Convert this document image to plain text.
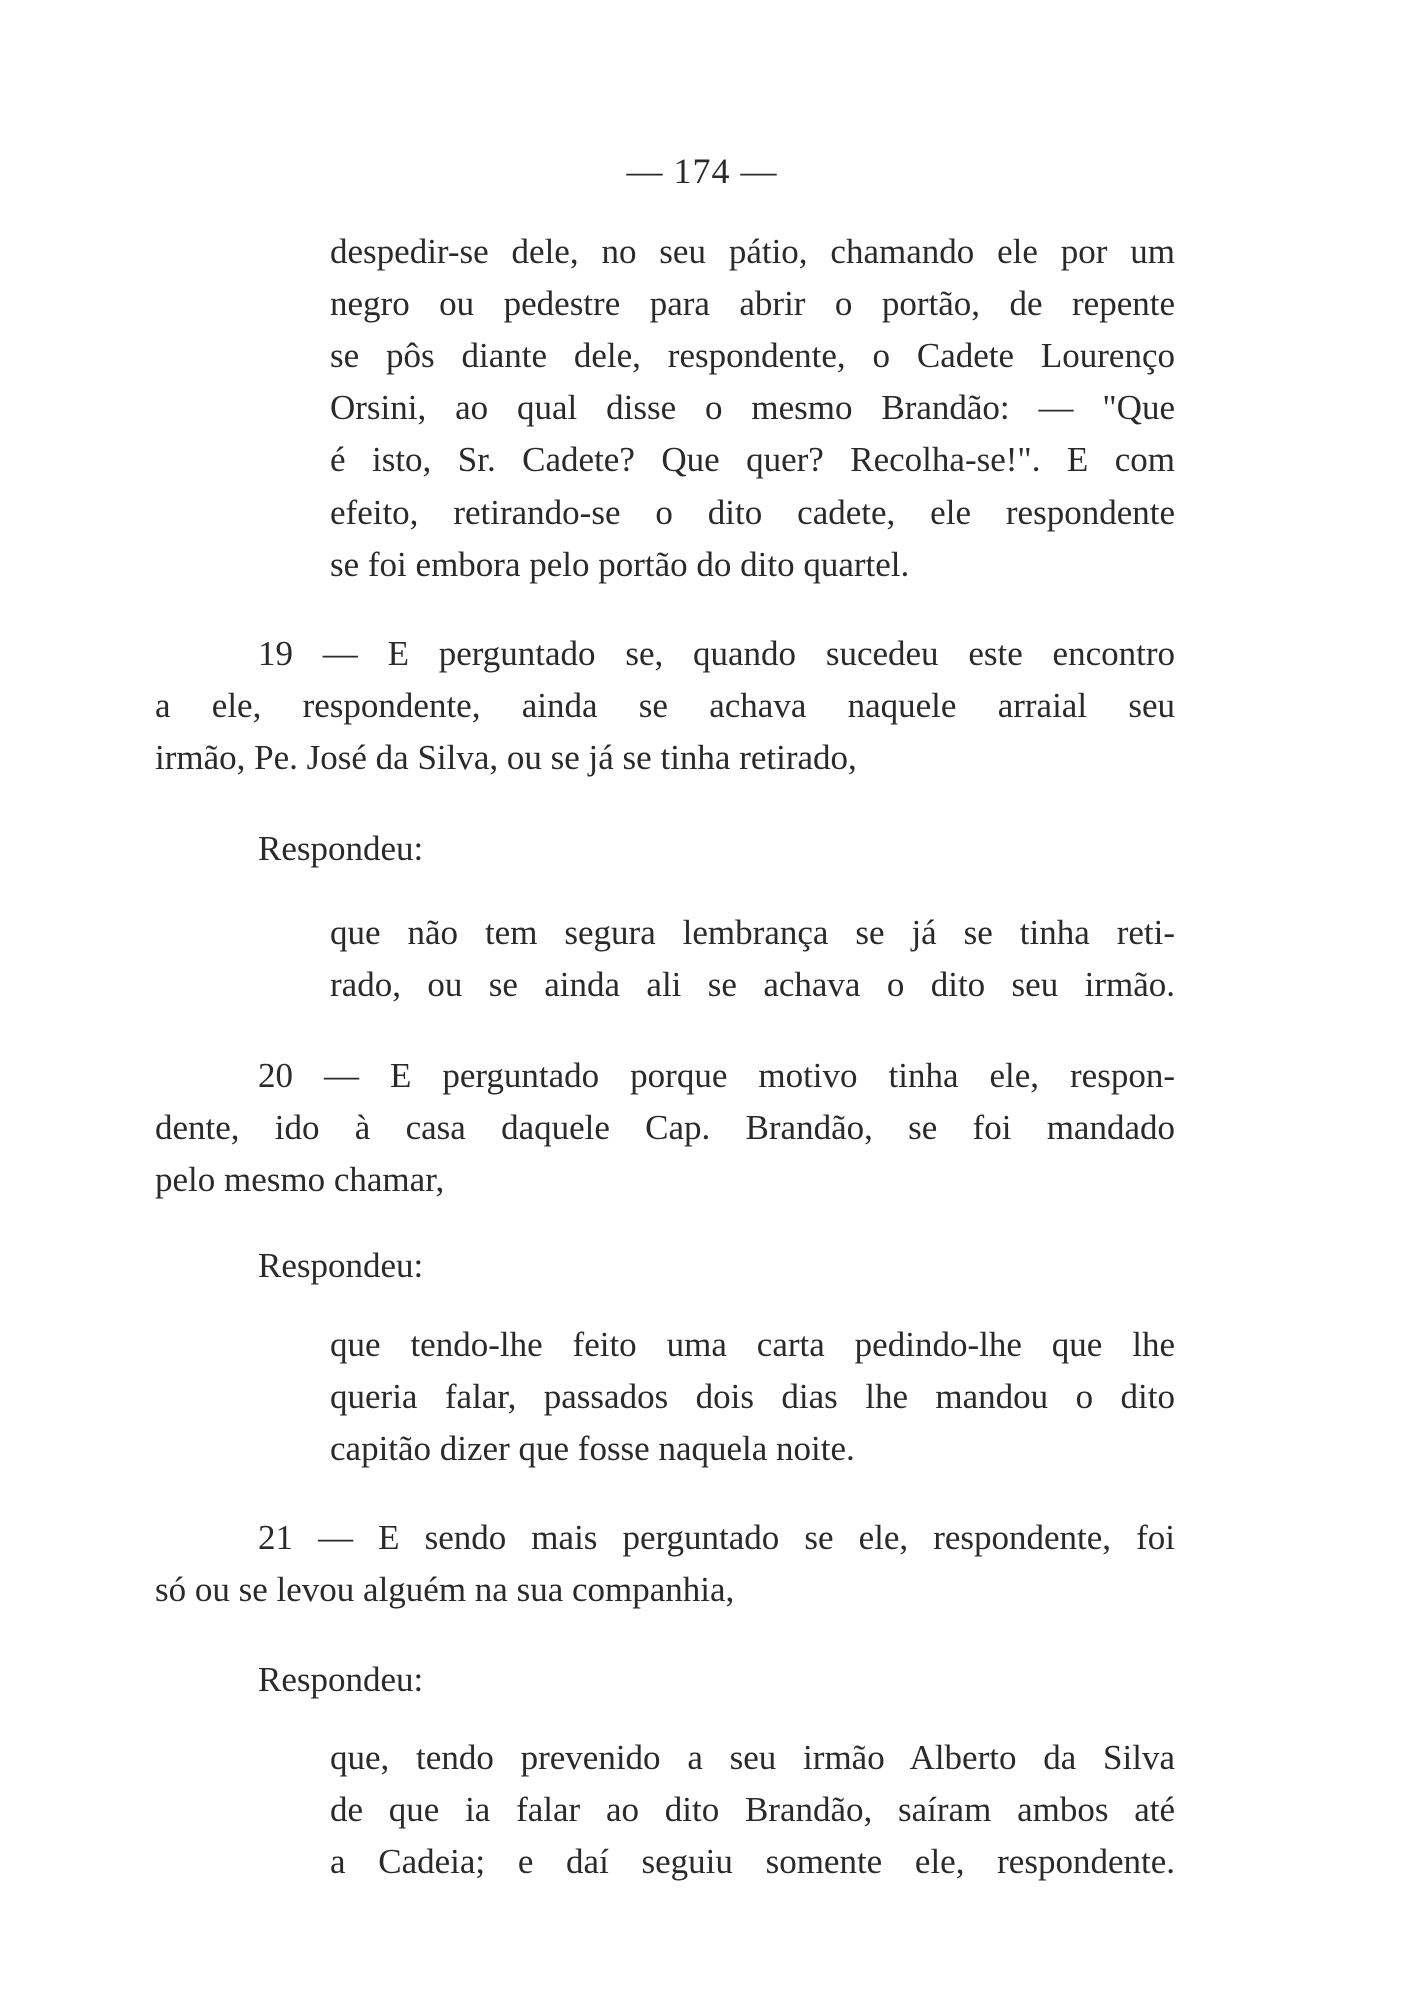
— 174 —
despedir-se dele, no seu pátio, chamando ele por um
negro ou pedestre para abrir o portão, de repente
se pôs diante dele, respondente, o Cadete Lourenço
Orsini, ao qual disse o mesmo Brandão: — "Que
é isto, Sr. Cadete? Que quer? Recolha-se!". E com
efeito, retirando-se o dito cadete, ele respondente
se foi embora pelo portão do dito quartel.
19 — E perguntado se, quando sucedeu este encontro
a ele, respondente, ainda se achava naquele arraial seu
irmão, Pe. José da Silva, ou se já se tinha retirado,
Respondeu:
que não tem segura lembrança se já se tinha reti-
rado, ou se ainda ali se achava o dito seu irmão.
20 — E perguntado porque motivo tinha ele, respon-
dente, ido à casa daquele Cap. Brandão, se foi mandado
pelo mesmo chamar,
Respondeu:
que tendo-lhe feito uma carta pedindo-lhe que lhe
queria falar, passados dois dias lhe mandou o dito
capitão dizer que fosse naquela noite.
21 — E sendo mais perguntado se ele, respondente, foi
só ou se levou alguém na sua companhia,
Respondeu:
que, tendo prevenido a seu irmão Alberto da Silva
de que ia falar ao dito Brandão, saíram ambos até
a Cadeia; e daí seguiu somente ele, respondente.
